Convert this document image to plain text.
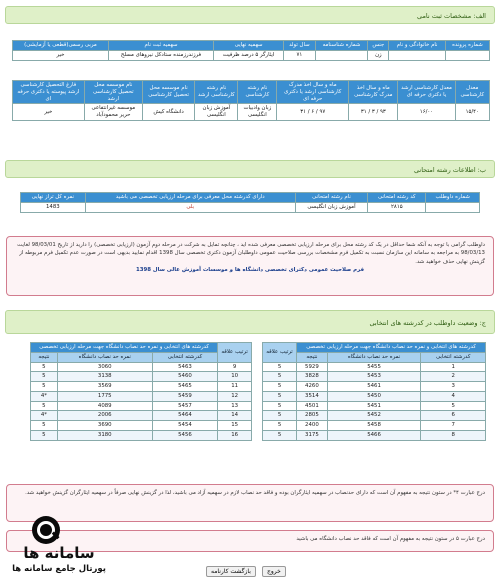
الف: مشخصات ثبت نامی
شماره پرونده	نام خانوادگی و نام	جنس	شماره شناسنامه	سال تولد	سهمیه نهایی	سهمیه ثبت نام	مربی رسمی(قطعی یا آزمایشی)
		زن		۷۱	ایثارگر ۵ درصد ظرفیت	فرزندرزمنده ستادکل نیروهای مسلح	خیر
معدل کارشناسی	معدل کارشناسی ارشد یا دکتری حرفه ای	ماه و سال اخذ مدرک کارشناسی	ماه و سال اخذ مدرک کارشناسی ارشد یا دکتری حرفه ای	نام رشته کارشناسی	نام رشته کارشناسی ارشد	نام موسسه محل تحصیل کارشناسی	نام موسسه محل تحصیل کارشناسی ارشد	فارغ التحصیل کارشناسی ارشد پیوسته یا دکتری حرفه ای
۱۵/۴۰	۱۶/۰۰	۹۳ / ۳ / ۳۱	۹۷ / ۶ / ۳۱	زبان وادبیات انگلیسی	آموزش زبان انگلیسی	دانشگاه کیش	موسسه غیرانتفاعی حریر محمودآباد	خیر
ب: اطلاعات رشته امتحانی
شماره داوطلب	کد رشته امتحانی	نام رشته امتحانی	دارای کدرشته محل معرفی برای مرحله ارزیابی تخصصی می باشید	نمره کل تراز نهایی
	۲۸۱۵	آموزش زبان انگلیسی	بلی	1483
داوطلب گرامی با توجه به آنکه شما حداقل در یک کد رشته محل برای مرحله ارزیابی تخصصی معرفی شده اید ، چنانچه تمایل به شرکت در مرحله دوم آزمون (ارزیابی تخصصی) را دارید از تاریخ 98/03/01 لغایت 98/03/13 به مراجعه به سامانه این سازمان نسبت به تکمیل فرم مشخصات بررسی صلاحیت عمومی داوطلبان آزمون دکتری تخصصی سال 1398 اقدام نمایید بدیهی است در صورت عدم تکمیل فرم مربوطه از گزینش نهایی حذف خواهید شد.
فرم صلاحیت عمومی دکترای تخصصی دانشگاه ها و موسسات آموزش عالی سال 1398
ج: وضعیت داوطلب در کدرشته های انتخابی
کدرشته های انتخابی و نمره حد نصاب دانشگاه جهت مرحله ارزیابی تخصصی			ترتیب علاقه
کدرشته انتخابی	نمره حد نصاب دانشگاه	نتیجه	
1	5455	5929	5
2	5453	3828	5
3	5461	4260	5
4	5450	3514	5
5	5451	4501	5
6	5452	2805	5
7	5458	2400	5
8	5466	3175	5
ترتیب علاقه	کدرشته های انتخابی و نمره حد نصاب دانشگاه جهت مرحله ارزیابی تخصصی		
	کدرشته انتخابی	نمره حد نصاب دانشگاه	نتیجه
9	5463	3060	5
10	5460	3138	5
11	5465	3569	5
12	5459	1775	*4
13	5457	4089	5
14	5464	2006	*4
15	5454	3690	5
16	5456	3180	5
درج عبارت ۴* در ستون نتیجه به مفهوم آن است که دارای حدنصاب در سهمیه ایثارگران بوده و فاقد حد نصاب لازم در سهمیه آزاد می باشید، لذا در گزینش نهایی صرفاً در سهمیه ایثارگران گزینش خواهید شد.
درج عبارت ۵ در ستون نتیجه به مفهوم آن است که فاقد حد نصاب دانشگاه می باشید
بازگشت کارنامه	خروج
سامانه ها
پورتال جامع سامانه ها
